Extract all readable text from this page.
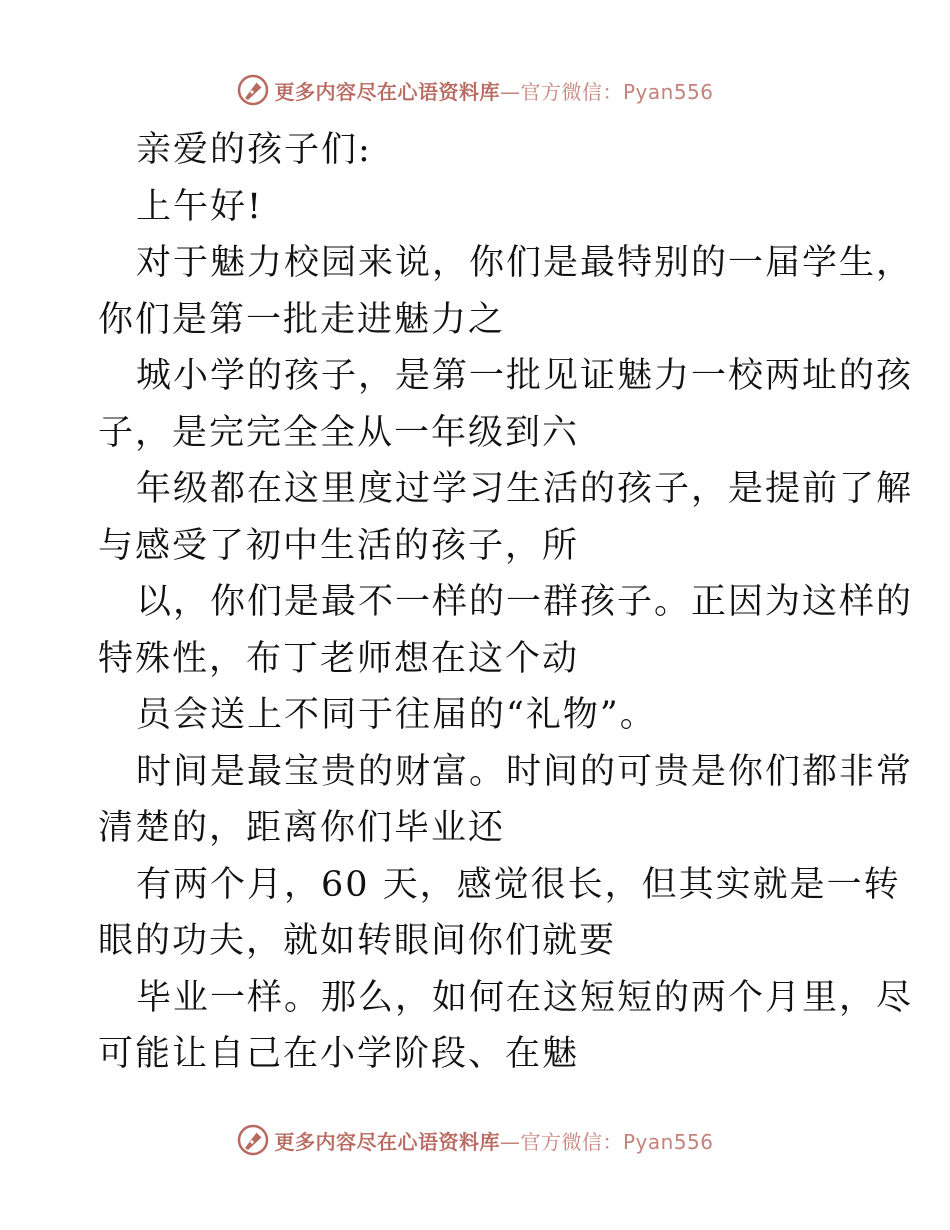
更多内容尽在心语资料库—官方微信：Pyan556
亲爱的孩子们:
上午好!
对于魅力校园来说，你们是最特别的一届学生，
你们是第一批走进魅力之
城小学的孩子，是第一批见证魅力一校两址的孩
子，是完完全全从一年级到六
年级都在这里度过学习生活的孩子，是提前了解
与感受了初中生活的孩子，所
以，你们是最不一样的一群孩子。正因为这样的
特殊性，布丁老师想在这个动
员会送上不同于往届的“礼物”。
时间是最宝贵的财富。时间的可贵是你们都非常
清楚的，距离你们毕业还
有两个月，60 天，感觉很长，但其实就是一转
眼的功夫，就如转眼间你们就要
毕业一样。那么，如何在这短短的两个月里，尽
可能让自己在小学阶段、在魅
更多内容尽在心语资料库—官方微信：Pyan556
